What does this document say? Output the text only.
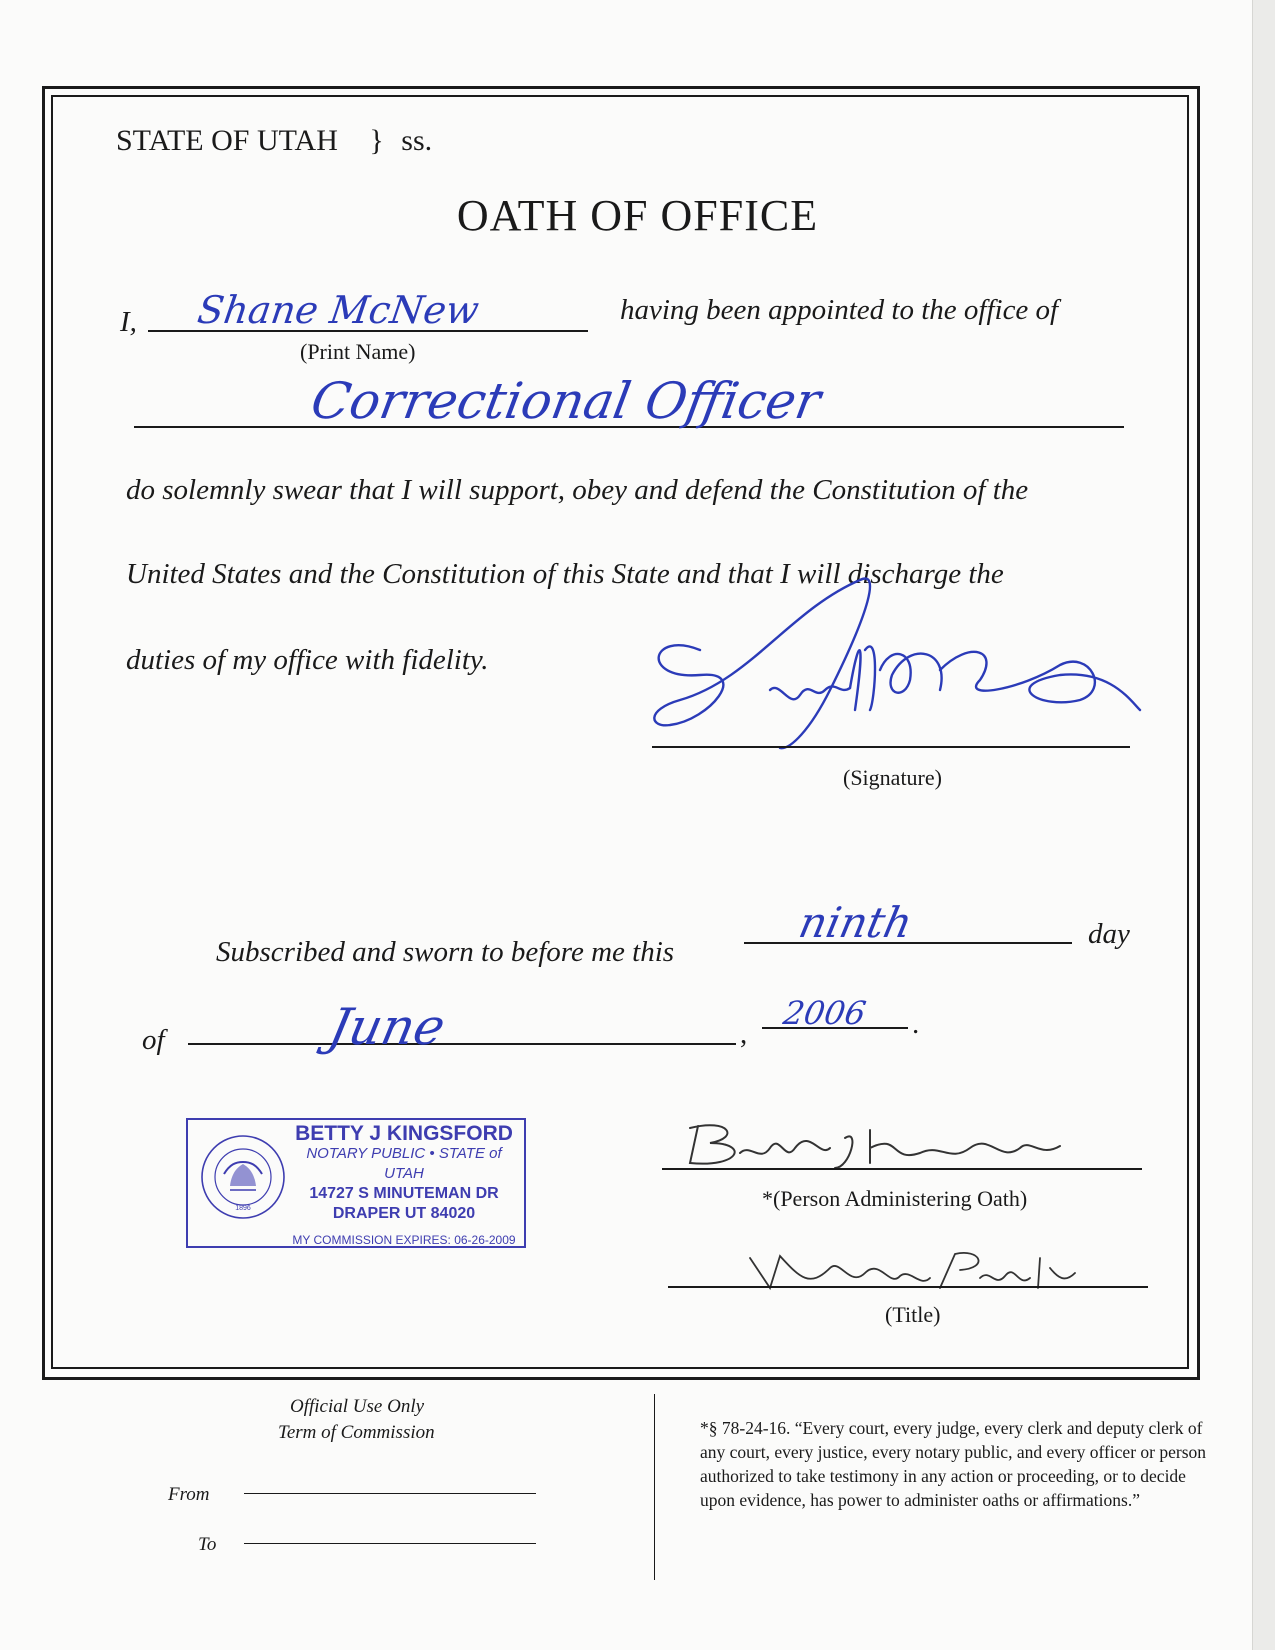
STATE OF UTAH } ss.
OATH OF OFFICE
I, Shane McNew
(Print Name)
having been appointed to the office of
Correctional Officer
do solemnly swear that I will support, obey and defend the Constitution of the
United States and the Constitution of this State and that I will discharge the
duties of my office with fidelity.
(Signature)
Subscribed and sworn to before me this
ninth	day
of	June	,
2006 .
1896
BETTY J KINGSFORD
NOTARY PUBLIC • STATE of UTAH
14727 S MINUTEMAN DR
DRAPER UT 84020
MY COMMISSION EXPIRES: 06-26-2009
*(Person Administering Oath)
(Title)
Official Use Only
Term of Commission
From
To
*§ 78-24-16. “Every court, every judge, every clerk and deputy clerk of any court, every justice, every notary public, and every officer or person authorized to take testimony in any action or proceeding, or to decide upon evidence, has power to administer oaths or affirmations.”
